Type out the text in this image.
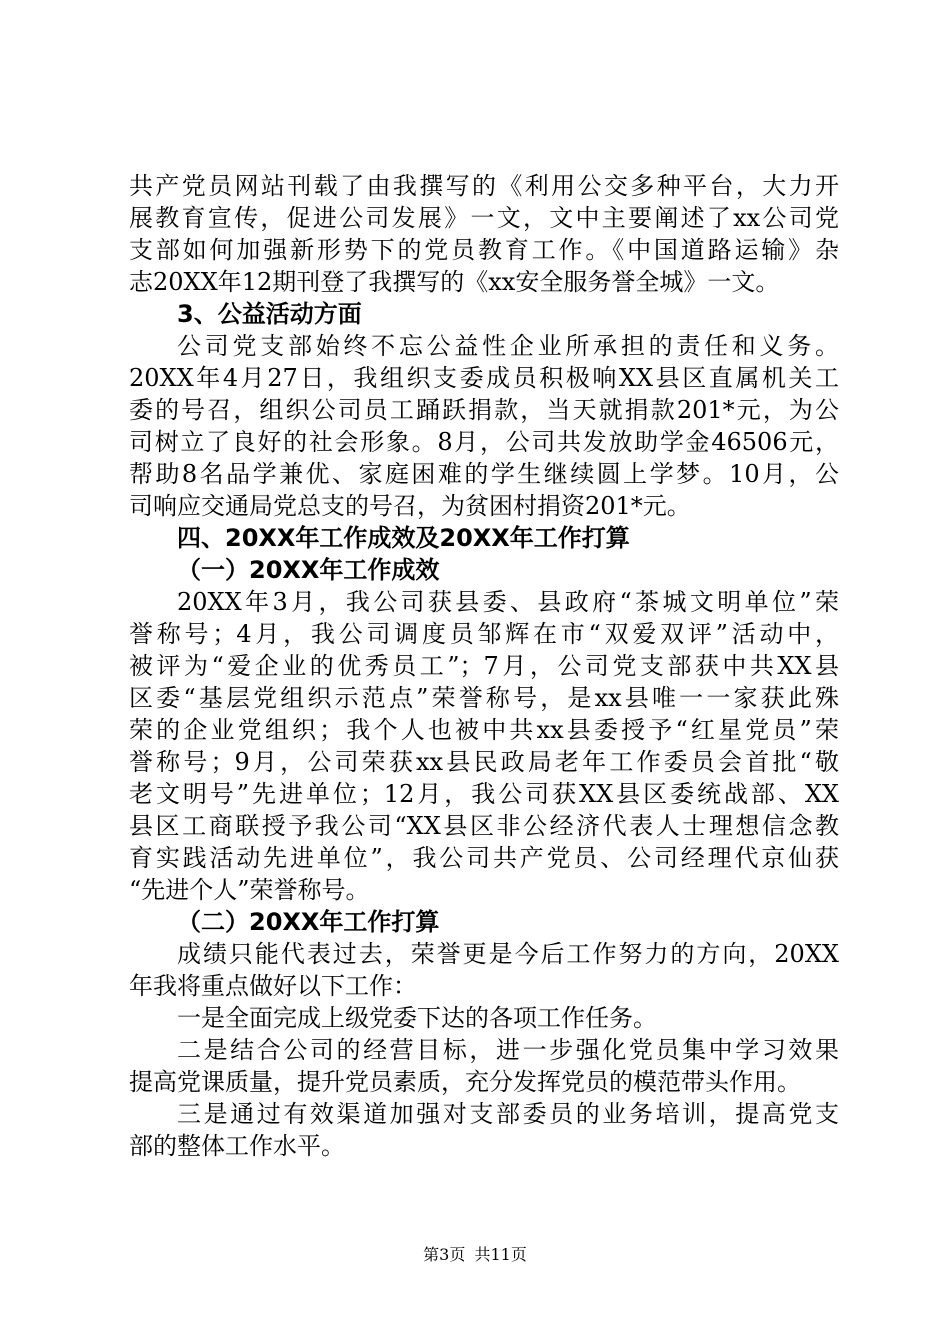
共产党员网站刊载了由我撰写的《利用公交多种平台，大力开
展教育宣传，促进公司发展》一文，文中主要阐述了xx公司党
支部如何加强新形势下的党员教育工作。《中国道路运输》杂
志20XX年12期刊登了我撰写的《xx安全服务誉全城》一文。
3、公益活动方面
公司党支部始终不忘公益性企业所承担的责任和义务。
20XX年4月27日，我组织支委成员积极响XX县区直属机关工
委的号召，组织公司员工踊跃捐款，当天就捐款201*元，为公
司树立了良好的社会形象。8月，公司共发放助学金46506元，
帮助8名品学兼优、家庭困难的学生继续圆上学梦。10月，公
司响应交通局党总支的号召，为贫困村捐资201*元。
四、20XX年工作成效及20XX年工作打算
（一）20XX年工作成效
20XX年3月，我公司获县委、县政府“茶城文明单位”荣
誉称号；4月，我公司调度员邹辉在市“双爱双评”活动中，
被评为“爱企业的优秀员工”；7月，公司党支部获中共XX县
区委“基层党组织示范点”荣誉称号，是xx县唯一一家获此殊
荣的企业党组织；我个人也被中共xx县委授予“红星党员”荣
誉称号；9月，公司荣获xx县民政局老年工作委员会首批“敬
老文明号”先进单位；12月，我公司获XX县区委统战部、XX
县区工商联授予我公司“XX县区非公经济代表人士理想信念教
育实践活动先进单位”，我公司共产党员、公司经理代京仙获
“先进个人”荣誉称号。
（二）20XX年工作打算
成绩只能代表过去，荣誉更是今后工作努力的方向，20XX
年我将重点做好以下工作：
一是全面完成上级党委下达的各项工作任务。
二是结合公司的经营目标，进一步强化党员集中学习效果
提高党课质量，提升党员素质，充分发挥党员的模范带头作用。
三是通过有效渠道加强对支部委员的业务培训，提高党支
部的整体工作水平。
第3页 共11页
